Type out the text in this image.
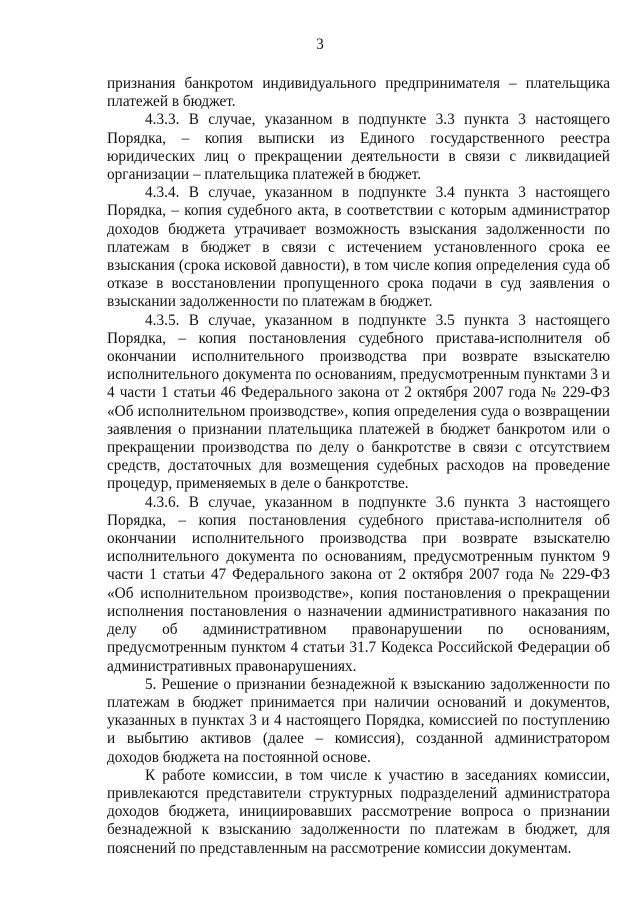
3

признания банкротом индивидуального предпринимателя – плательщика платежей в бюджет.

4.3.3. В случае, указанном в подпункте 3.3 пункта 3 настоящего Порядка, – копия выписки из Единого государственного реестра юридических лиц о прекращении деятельности в связи с ликвидацией организации – плательщика платежей в бюджет.

4.3.4. В случае, указанном в подпункте 3.4 пункта 3 настоящего Порядка, – копия судебного акта, в соответствии с которым администратор доходов бюджета утрачивает возможность взыскания задолженности по платежам в бюджет в связи с истечением установленного срока ее взыскания (срока исковой давности), в том числе копия определения суда об отказе в восстановлении пропущенного срока подачи в суд заявления о взыскании задолженности по платежам в бюджет.

4.3.5. В случае, указанном в подпункте 3.5 пункта 3 настоящего Порядка, – копия постановления судебного пристава-исполнителя об окончании исполнительного производства при возврате взыскателю исполнительного документа по основаниям, предусмотренным пунктами 3 и 4 части 1 статьи 46 Федерального закона от 2 октября 2007 года № 229-ФЗ «Об исполнительном производстве», копия определения суда о возвращении заявления о признании плательщика платежей в бюджет банкротом или о прекращении производства по делу о банкротстве в связи с отсутствием средств, достаточных для возмещения судебных расходов на проведение процедур, применяемых в деле о банкротстве.

4.3.6. В случае, указанном в подпункте 3.6 пункта 3 настоящего Порядка, – копия постановления судебного пристава-исполнителя об окончании исполнительного производства при возврате взыскателю исполнительного документа по основаниям, предусмотренным пунктом 9 части 1 статьи 47 Федерального закона от 2 октября 2007 года № 229-ФЗ «Об исполнительном производстве», копия постановления о прекращении исполнения постановления о назначении административного наказания по делу об административном правонарушении по основаниям, предусмотренным пунктом 4 статьи 31.7 Кодекса Российской Федерации об административных правонарушениях.

5. Решение о признании безнадежной к взысканию задолженности по платежам в бюджет принимается при наличии оснований и документов, указанных в пунктах 3 и 4 настоящего Порядка, комиссией по поступлению и выбытию активов (далее – комиссия), созданной администратором доходов бюджета на постоянной основе.

К работе комиссии, в том числе к участию в заседаниях комиссии, привлекаются представители структурных подразделений администратора доходов бюджета, инициировавших рассмотрение вопроса о признании безнадежной к взысканию задолженности по платежам в бюджет, для пояснений по представленным на рассмотрение комиссии документам.
